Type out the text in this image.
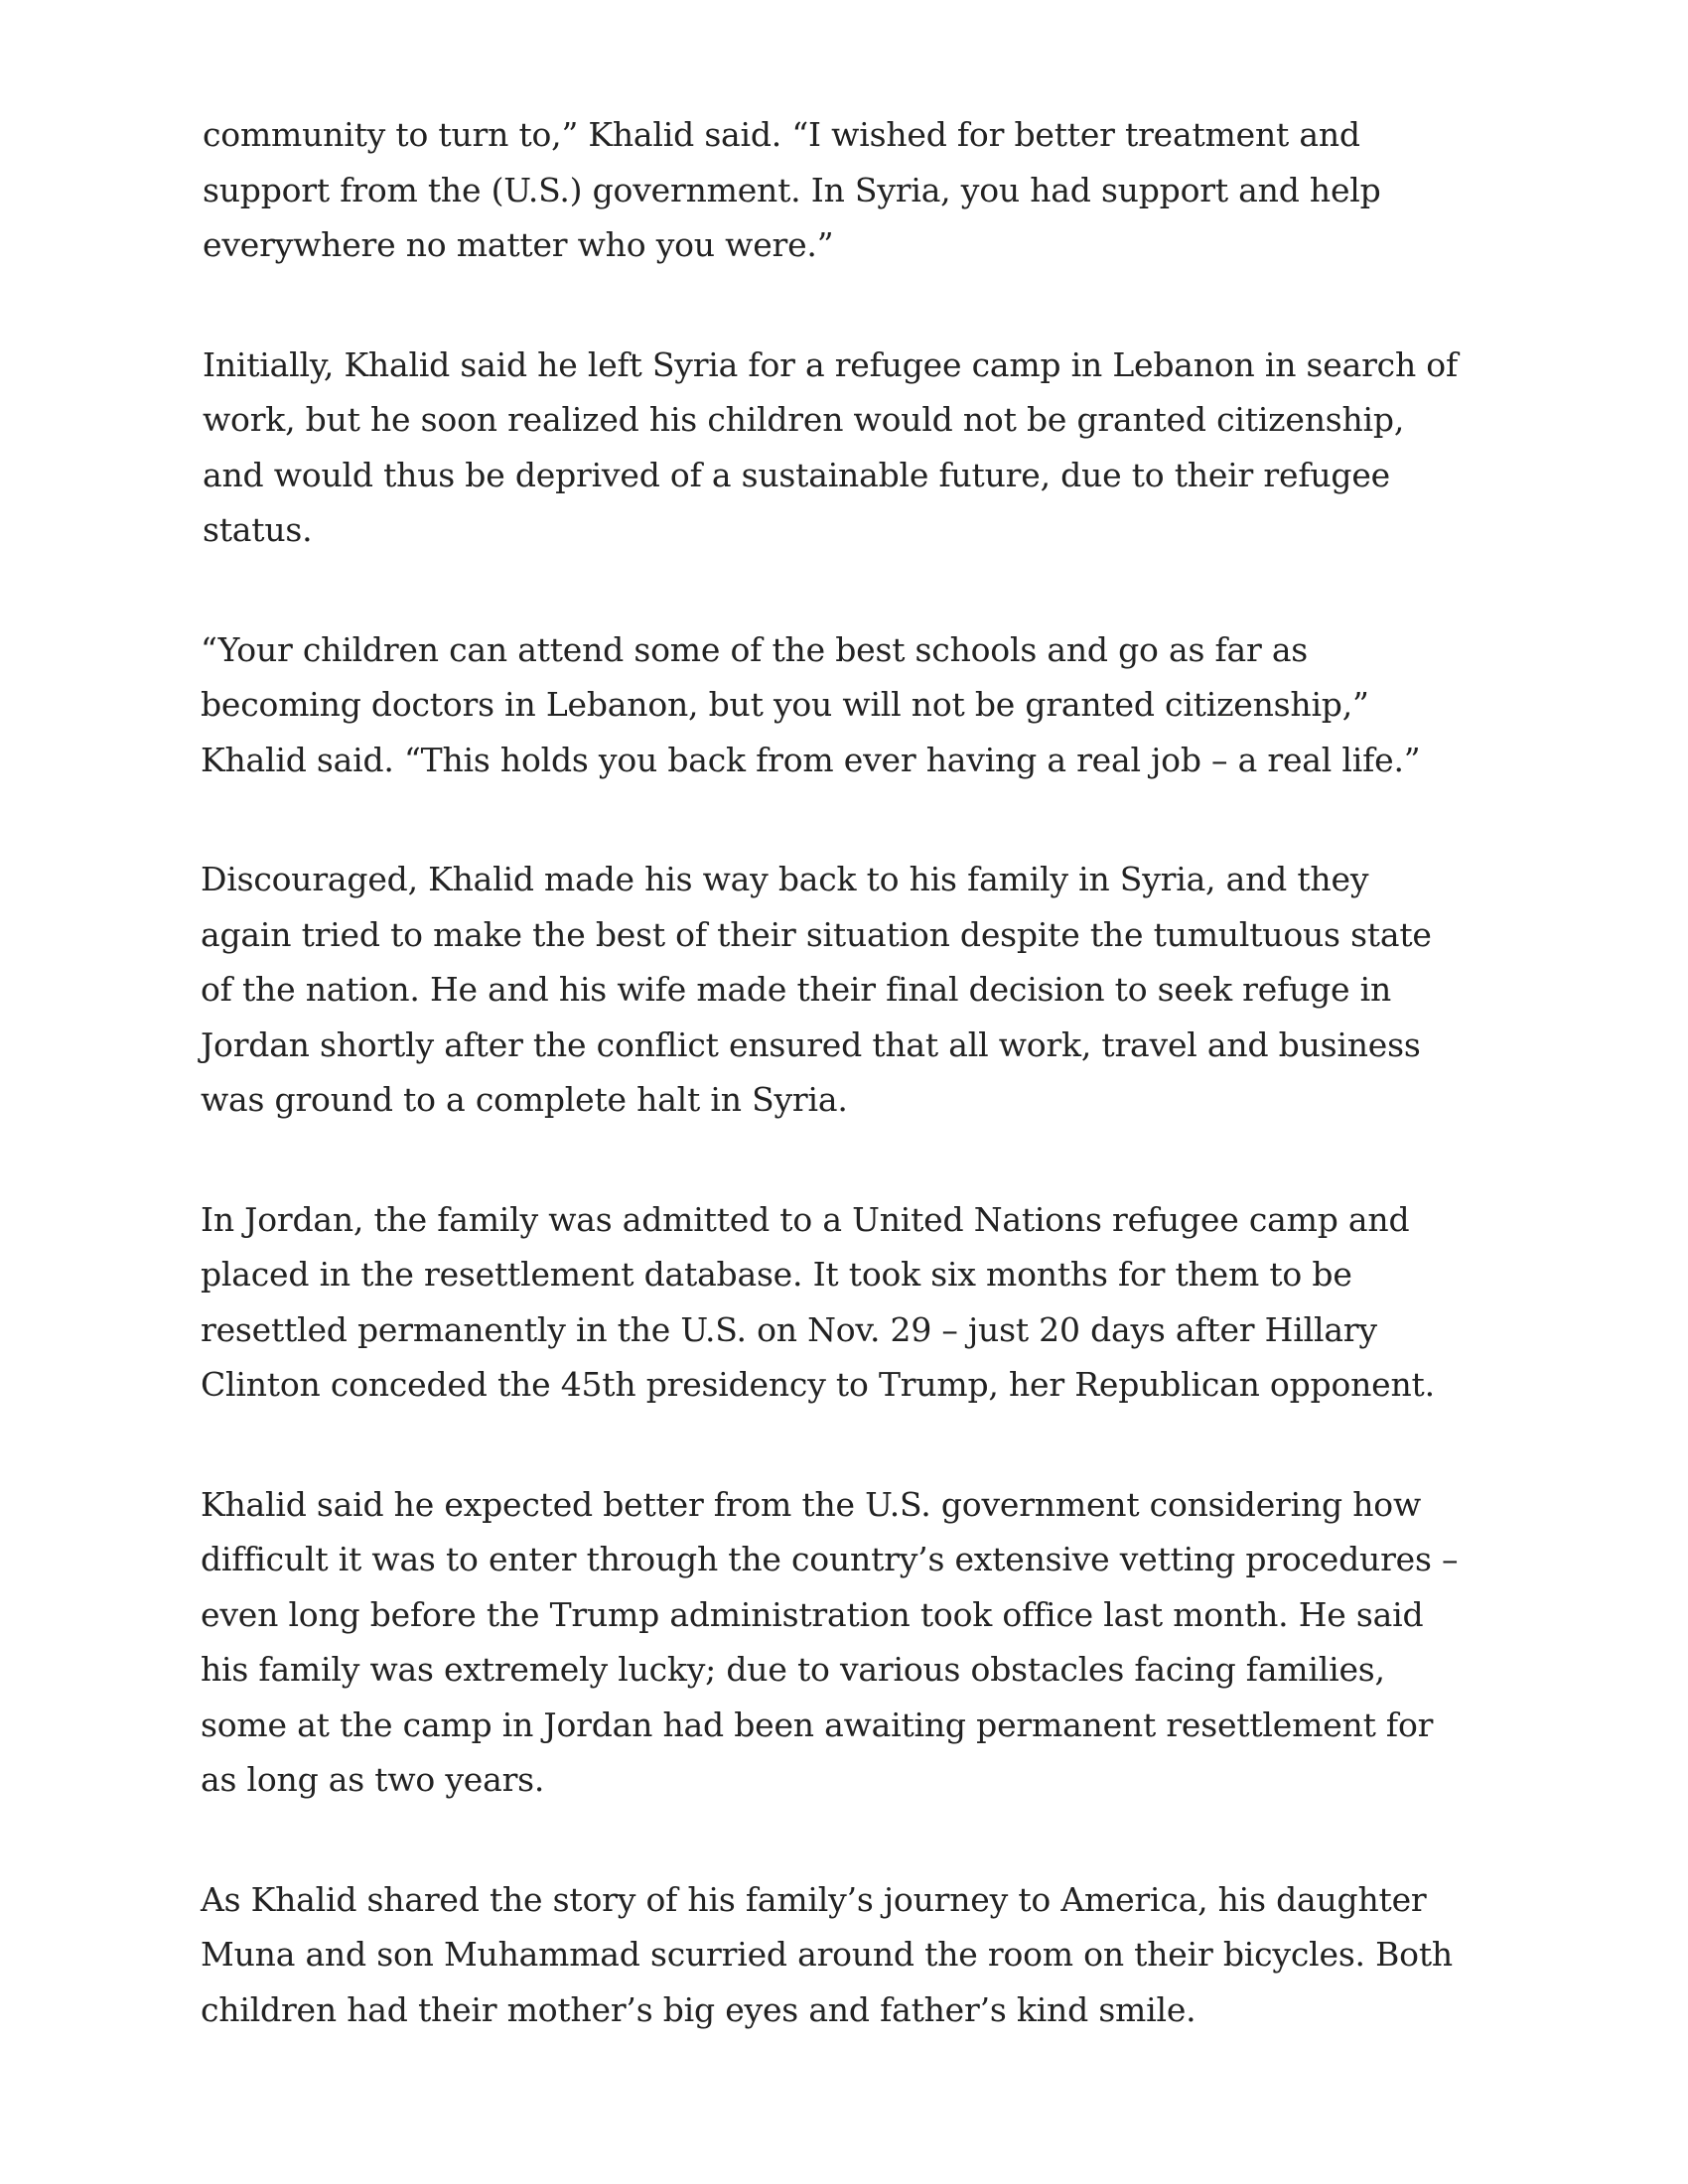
community to turn to,” Khalid said. “I wished for better treatment and support from the (U.S.) government. In Syria, you had support and help everywhere no matter who you were.”

Initially, Khalid said he left Syria for a refugee camp in Lebanon in search of work, but he soon realized his children would not be granted citizenship, and would thus be deprived of a sustainable future, due to their refugee status.

“Your children can attend some of the best schools and go as far as becoming doctors in Lebanon, but you will not be granted citizenship,” Khalid said. “This holds you back from ever having a real job – a real life.”

Discouraged, Khalid made his way back to his family in Syria, and they again tried to make the best of their situation despite the tumultuous state of the nation. He and his wife made their final decision to seek refuge in Jordan shortly after the conflict ensured that all work, travel and business was ground to a complete halt in Syria.

In Jordan, the family was admitted to a United Nations refugee camp and placed in the resettlement database. It took six months for them to be resettled permanently in the U.S. on Nov. 29 – just 20 days after Hillary Clinton conceded the 45th presidency to Trump, her Republican opponent.

Khalid said he expected better from the U.S. government considering how difficult it was to enter through the country’s extensive vetting procedures – even long before the Trump administration took office last month. He said his family was extremely lucky; due to various obstacles facing families, some at the camp in Jordan had been awaiting permanent resettlement for as long as two years.

As Khalid shared the story of his family’s journey to America, his daughter Muna and son Muhammad scurried around the room on their bicycles. Both children had their mother’s big eyes and father’s kind smile.
